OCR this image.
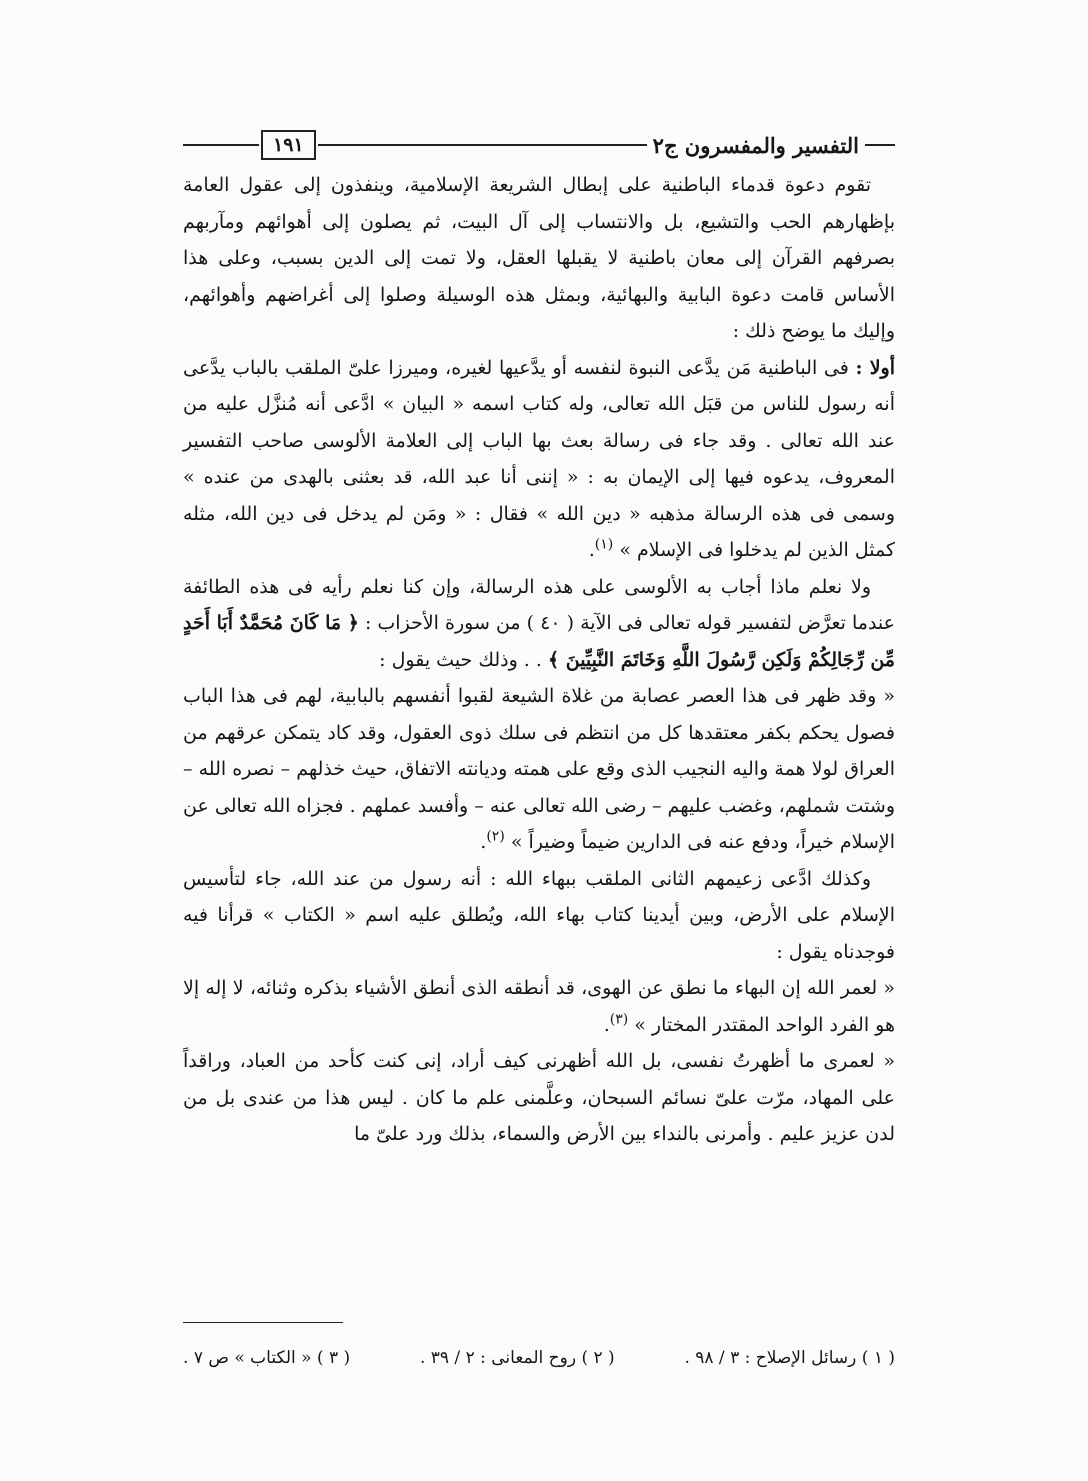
التفسير والمفسرون ج٢
١٩١

تقوم دعوة قدماء الباطنية على إبطال الشريعة الإسلامية، وينفذون إلى عقول العامة بإظهارهم الحب والتشيع، بل والانتساب إلى آل البيت، ثم يصلون إلى أهوائهم ومآربهم بصرفهم القرآن إلى معان باطنية لا يقبلها العقل، ولا تمت إلى الدين بسبب، وعلى هذا الأساس قامت دعوة البابية والبهائية، وبمثل هذه الوسيلة وصلوا إلى أغراضهم وأهوائهم، وإليك ما يوضح ذلك :

أولا : فى الباطنية مَن يدَّعى النبوة لنفسه أو يدَّعيها لغيره، وميرزا علىّ الملقب بالباب يدَّعى أنه رسول للناس من قبَل الله تعالى، وله كتاب اسمه « البيان » ادَّعى أنه مُنزَّل عليه من عند الله تعالى . وقد جاء فى رسالة بعث بها الباب إلى العلامة الألوسى صاحب التفسير المعروف، يدعوه فيها إلى الإيمان به : « إننى أنا عبد الله، قد بعثنى بالهدى من عنده » وسمى فى هذه الرسالة مذهبه « دين الله » فقال : « ومَن لم يدخل فى دين الله، مثله كمثل الذين لم يدخلوا فى الإسلام » $^{(١)}$.

ولا نعلم ماذا أجاب به الألوسى على هذه الرسالة، وإن كنا نعلم رأيه فى هذه الطائفة عندما تعرَّض لتفسير قوله تعالى فى الآية ( ٤٠ ) من سورة الأحزاب : ﴿ مَا كَانَ مُحَمَّدٌ أَبَا أَحَدٍ مِّن رِّجَالِكُمْ وَلَكِن رَّسُولَ اللَّهِ وَخَاتَمَ النَّبِيِّينَ ﴾ . . وذلك حيث يقول :

« وقد ظهر فى هذا العصر عصابة من غلاة الشيعة لقبوا أنفسهم بالبابية، لهم فى هذا الباب فصول يحكم بكفر معتقدها كل من انتظم فى سلك ذوى العقول، وقد كاد يتمكن عرقهم من العراق لولا همة واليه النجيب الذى وقع على همته وديانته الاتفاق، حيث خذلهم – نصره الله – وشتت شملهم، وغضب عليهم – رضى الله تعالى عنه – وأفسد عملهم . فجزاه الله تعالى عن الإسلام خيراً، ودفع عنه فى الدارين ضيماً وضيراً » $^{(٢)}$.

وكذلك ادَّعى زعيمهم الثانى الملقب ببهاء الله : أنه رسول من عند الله، جاء لتأسيس الإسلام على الأرض، وبين أيدينا كتاب بهاء الله، ويُطلق عليه اسم « الكتاب » قرأنا فيه فوجدناه يقول :

« لعمر الله إن البهاء ما نطق عن الهوى، قد أنطقه الذى أنطق الأشياء بذكره وثنائه، لا إله إلا هو الفرد الواحد المقتدر المختار » $^{(٣)}$.

« لعمرى ما أظهرتُ نفسى، بل الله أظهرنى كيف أراد، إنى كنت كأحد من العباد، وراقداً على المهاد، مرّت علىّ نسائم السبحان، وعلَّمنى علم ما كان . ليس هذا من عندى بل من لدن عزيز عليم . وأمرنى بالنداء بين الأرض والسماء، بذلك ورد علىّ ما

( ١ ) رسائل الإصلاح : ٣ / ٩٨ .
( ٢ ) روح المعانى : ٢ / ٣٩ .
( ٣ ) « الكتاب » ص ٧ .
